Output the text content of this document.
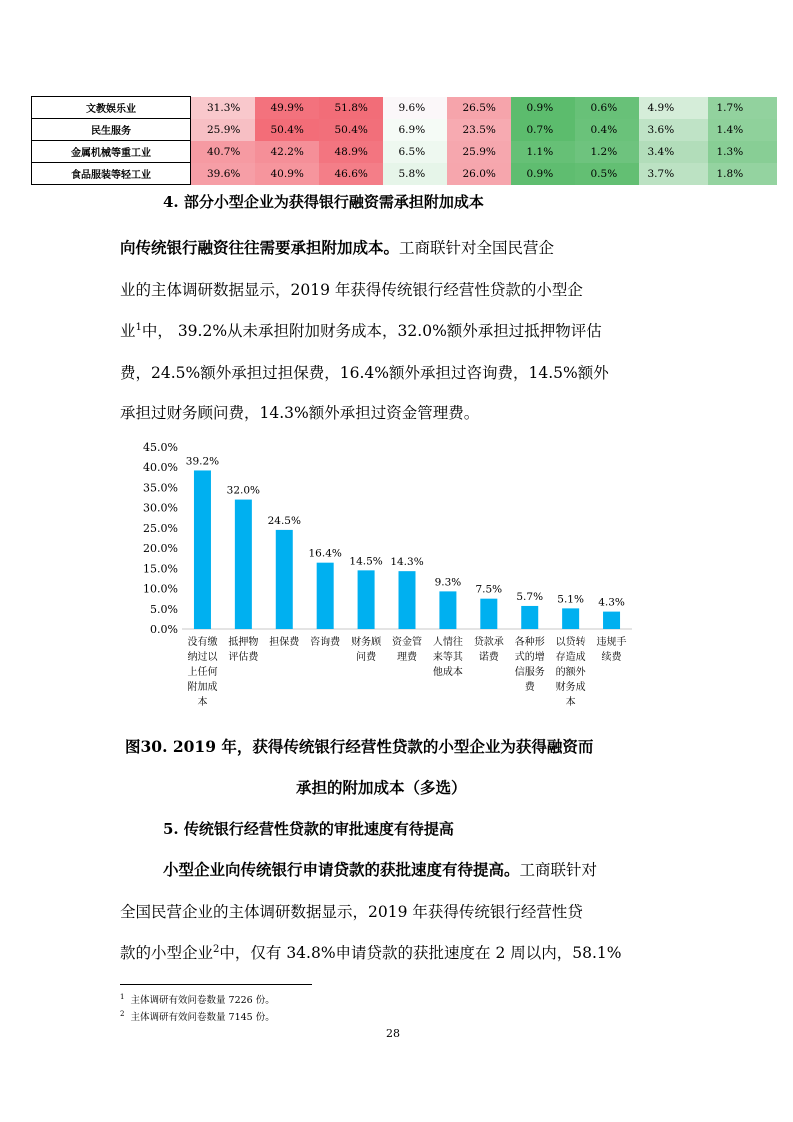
文教娱乐业	31.3%	49.9%	51.8%	9.6%	26.5%	0.9%	0.6%	4.9%	1.7%
民生服务	25.9%	50.4%	50.4%	6.9%	23.5%	0.7%	0.4%	3.6%	1.4%
金属机械等重工业	40.7%	42.2%	48.9%	6.5%	25.9%	1.1%	1.2%	3.4%	1.3%
食品服装等轻工业	39.6%	40.9%	46.6%	5.8%	26.0%	0.9%	0.5%	3.7%	1.8%
4. 部分小型企业为获得银行融资需承担附加成本
向传统银行融资往往需要承担附加成本。工商联针对全国民营企
业的主体调研数据显示，2019 年获得传统银行经营性贷款的小型企
业$^1$中， 39.2%从未承担附加财务成本，32.0%额外承担过抵押物评估
费，24.5%额外承担过担保费，16.4%额外承担过咨询费，14.5%额外
承担过财务顾问费，14.3%额外承担过资金管理费。
0.0%
5.0%
10.0%
15.0%
20.0%
25.0%
30.0%
35.0%
40.0%
45.0%
39.2%
没有缴
纳过以
上任何
附加成
本
32.0%
抵押物
评估费
24.5%
担保费
16.4%
咨询费
14.5%
财务顾
问费
14.3%
资金管
理费
9.3%
人情往
来等其
他成本
7.5%
贷款承
诺费
5.7%
各种形
式的增
信服务
费
5.1%
以贷转
存造成
的额外
财务成
本
4.3%
违规手
续费
图30. 2019 年，获得传统银行经营性贷款的小型企业为获得融资而
承担的附加成本（多选）
5. 传统银行经营性贷款的审批速度有待提高
小型企业向传统银行申请贷款的获批速度有待提高。工商联针对
全国民营企业的主体调研数据显示，2019 年获得传统银行经营性贷
款的小型企业$^2$中，仅有 34.8%申请贷款的获批速度在 2 周以内，58.1%
$^1$ 主体调研有效问卷数量 7226 份。
$^2$ 主体调研有效问卷数量 7145 份。
28
